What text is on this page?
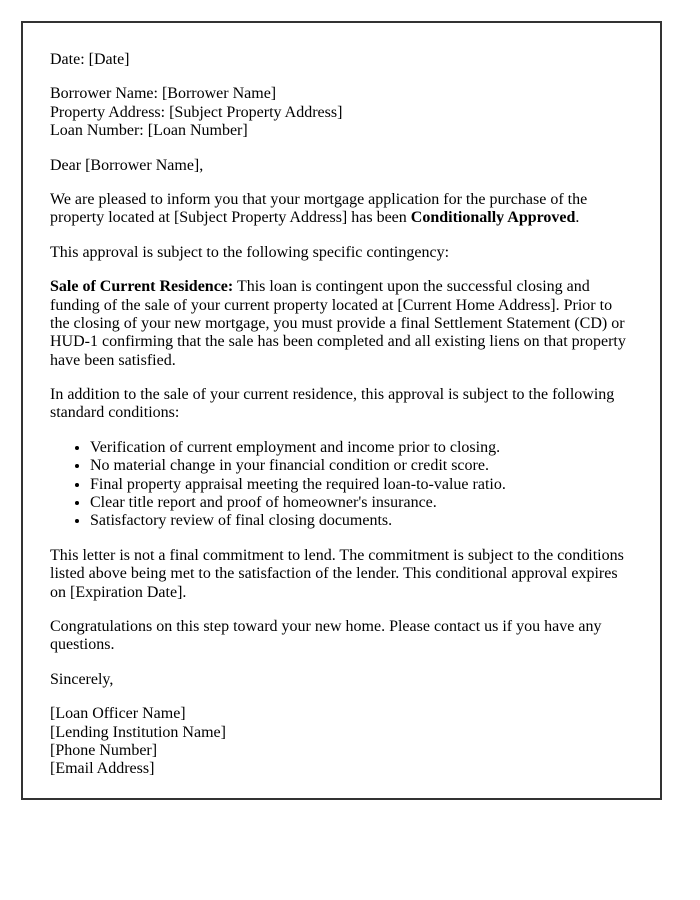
Date: [Date]

Borrower Name: [Borrower Name]
Property Address: [Subject Property Address]
Loan Number: [Loan Number]

Dear [Borrower Name],

We are pleased to inform you that your mortgage application for the purchase of the property located at [Subject Property Address] has been Conditionally Approved.

This approval is subject to the following specific contingency:

Sale of Current Residence: This loan is contingent upon the successful closing and funding of the sale of your current property located at [Current Home Address]. Prior to the closing of your new mortgage, you must provide a final Settlement Statement (CD) or HUD-1 confirming that the sale has been completed and all existing liens on that property have been satisfied.

In addition to the sale of your current residence, this approval is subject to the following standard conditions:

• Verification of current employment and income prior to closing.
• No material change in your financial condition or credit score.
• Final property appraisal meeting the required loan-to-value ratio.
• Clear title report and proof of homeowner's insurance.
• Satisfactory review of final closing documents.

This letter is not a final commitment to lend. The commitment is subject to the conditions listed above being met to the satisfaction of the lender. This conditional approval expires on [Expiration Date].

Congratulations on this step toward your new home. Please contact us if you have any questions.

Sincerely,

[Loan Officer Name]
[Lending Institution Name]
[Phone Number]
[Email Address]
